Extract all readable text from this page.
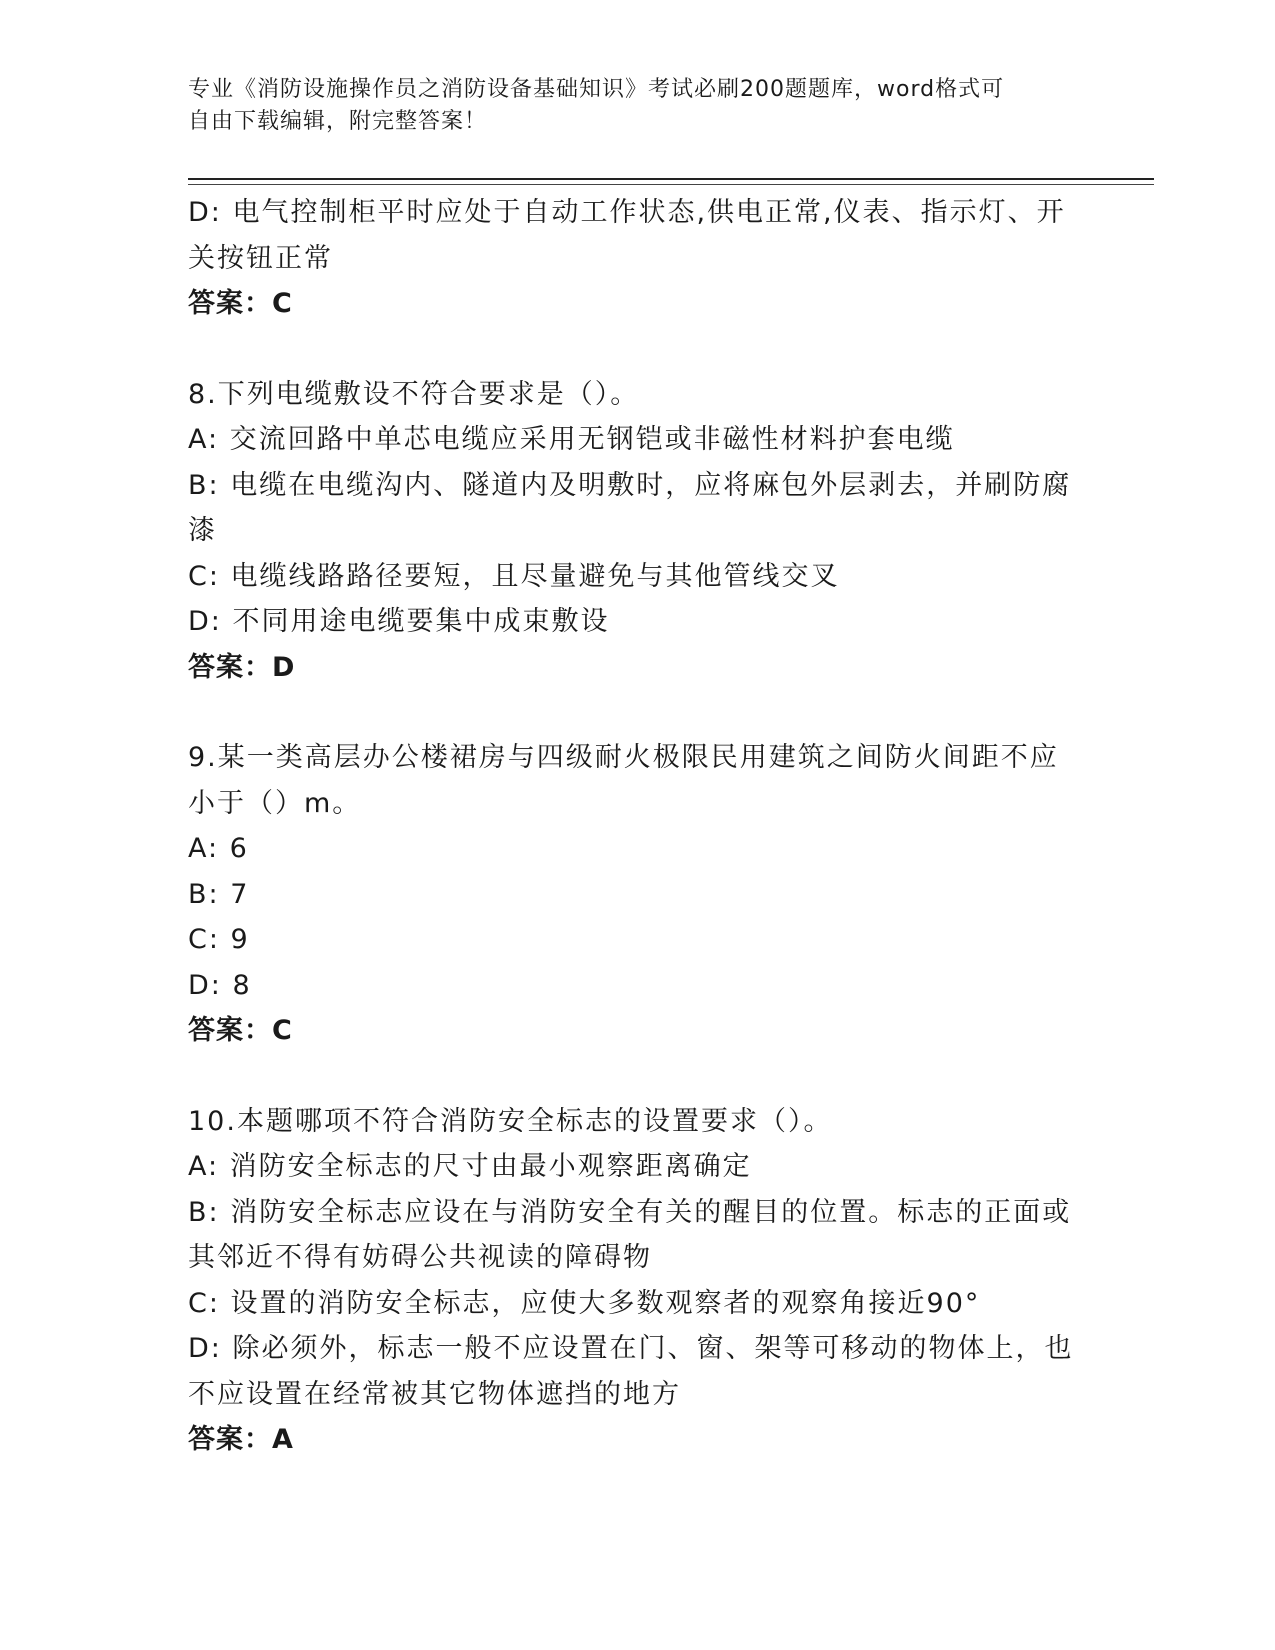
专业《消防设施操作员之消防设备基础知识》考试必刷200题题库，word格式可
自由下载编辑，附完整答案！
D: 电气控制柜平时应处于自动工作状态,供电正常,仪表、指示灯、开
关按钮正常
答案：C
8.下列电缆敷设不符合要求是（）。
A: 交流回路中单芯电缆应采用无钢铠或非磁性材料护套电缆
B: 电缆在电缆沟内、隧道内及明敷时，应将麻包外层剥去，并刷防腐
漆
C: 电缆线路路径要短，且尽量避免与其他管线交叉
D: 不同用途电缆要集中成束敷设
答案：D
9.某一类高层办公楼裙房与四级耐火极限民用建筑之间防火间距不应
小于（）m。
A: 6
B: 7
C: 9
D: 8
答案：C
10.本题哪项不符合消防安全标志的设置要求（）。
A: 消防安全标志的尺寸由最小观察距离确定
B: 消防安全标志应设在与消防安全有关的醒目的位置。标志的正面或
其邻近不得有妨碍公共视读的障碍物
C: 设置的消防安全标志，应使大多数观察者的观察角接近90°
D: 除必须外，标志一般不应设置在门、窗、架等可移动的物体上，也
不应设置在经常被其它物体遮挡的地方
答案：A
